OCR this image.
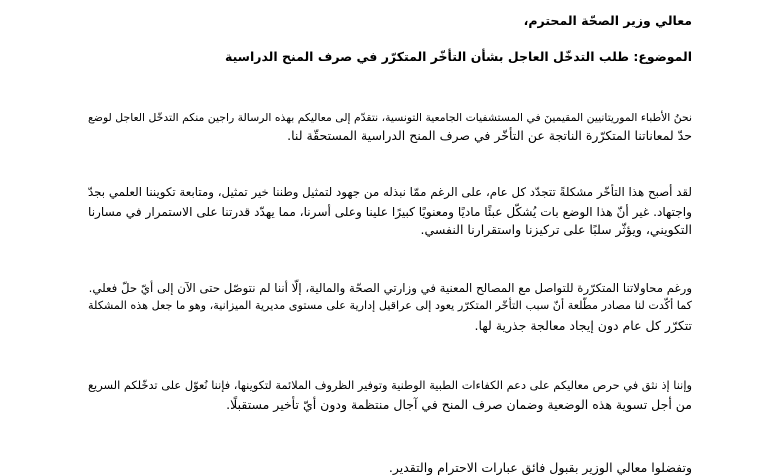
معالي وزير الصحّة المحترم،
الموضوع: طلب التدخّل العاجل بشأن التأخّر المتكرّر في صرف المنح الدراسية
نحنُ الأطباء الموريتانيين المقيمينَ في المستشفيات الجامعية التونسية، نتقدّم إلى معاليكم بهذه الرسالة راجين منكم التدخّل العاجل لوضع
حدّ لمعاناتنا المتكرّرة الناتجة عن التأخّر في صرف المنح الدراسية المستحقّة لنا.
لقد أصبح هذا التأخّر مشكلةً تتجدّد كل عام، على الرغم ممّا نبذله من جهود لتمثيل وطننا خير تمثيل، ومتابعة تكويننا العلمي بجدّ
واجتهاد. غير أنّ هذا الوضع بات يُشكّل عبئًا ماديًا ومعنويًا كبيرًا علينا وعلى أسرنا، مما يهدّد قدرتنا على الاستمرار في مسارنا
التكويني، ويؤثّر سلبًا على تركيزنا واستقرارنا النفسي.
ورغم محاولاتنا المتكرّرة للتواصل مع المصالح المعنية في وزارتي الصحّة والمالية، إلّا أننا لم نتوصّل حتى الآن إلى أيّ حلّ فعلي.
كما أكّدت لنا مصادر مطّلعة أنّ سبب التأخّر المتكرّر يعود إلى عراقيل إدارية على مستوى مديرية الميزانية، وهو ما جعل هذه المشكلة
تتكرّر كل عام دون إيجاد معالجة جذرية لها.
وإننا إذ نثق في حرص معاليكم على دعم الكفاءات الطبية الوطنية وتوفير الظروف الملائمة لتكوينها، فإننا نُعوّل على تدخّلكم السريع
من أجل تسوية هذه الوضعية وضمان صرف المنح في آجال منتظمة ودون أيّ تأخير مستقبلًا.
وتفضلوا معالي الوزير بقبول فائق عبارات الاحترام والتقدير.
